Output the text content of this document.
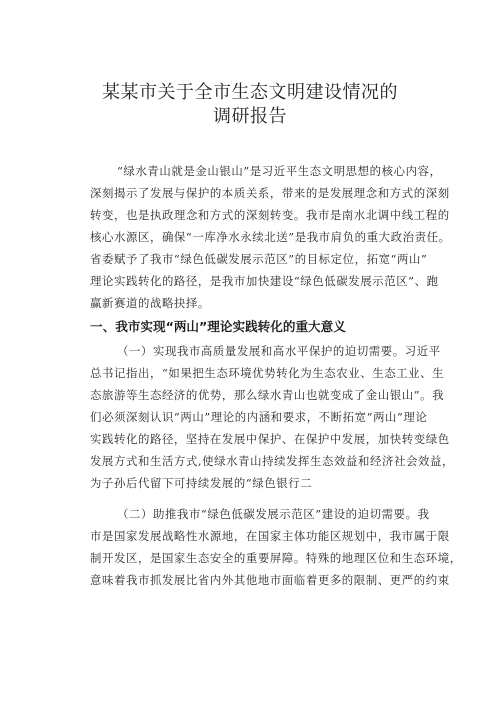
某某市关于全市生态文明建设情况的
调研报告
“绿水青山就是金山银山”是习近平生态文明思想的核心内容，
深刻揭示了发展与保护的本质关系，带来的是发展理念和方式的深刻
转变，也是执政理念和方式的深刻转变。我市是南水北调中线工程的
核心水源区，确保“一库净水永续北送”是我市肩负的重大政治责任。
省委赋予了我市“绿色低碳发展示范区”的目标定位，拓宽“两山”
理论实践转化的路径，是我市加快建设“绿色低碳发展示范区”、跑
赢新赛道的战略抉择。
一、我市实现“两山”理论实践转化的重大意义
（一）实现我市高质量发展和高水平保护的迫切需要。习近平
总书记指出，“如果把生态环境优势转化为生态农业、生态工业、生
态旅游等生态经济的优势，那么绿水青山也就变成了金山银山”。我
们必须深刻认识“两山”理论的内涵和要求，不断拓宽“两山”理论
实践转化的路径，坚持在发展中保护、在保护中发展，加快转变绿色
发展方式和生活方式,使绿水青山持续发挥生态效益和经济社会效益，
为子孙后代留下可持续发展的“绿色银行二
（二）助推我市“绿色低碳发展示范区”建设的迫切需要。我
市是国家发展战略性水源地，在国家主体功能区规划中，我市属于限
制开发区，是国家生态安全的重要屏障。特殊的地理区位和生态环境，
意味着我市抓发展比省内外其他地市面临着更多的限制、更严的约束
